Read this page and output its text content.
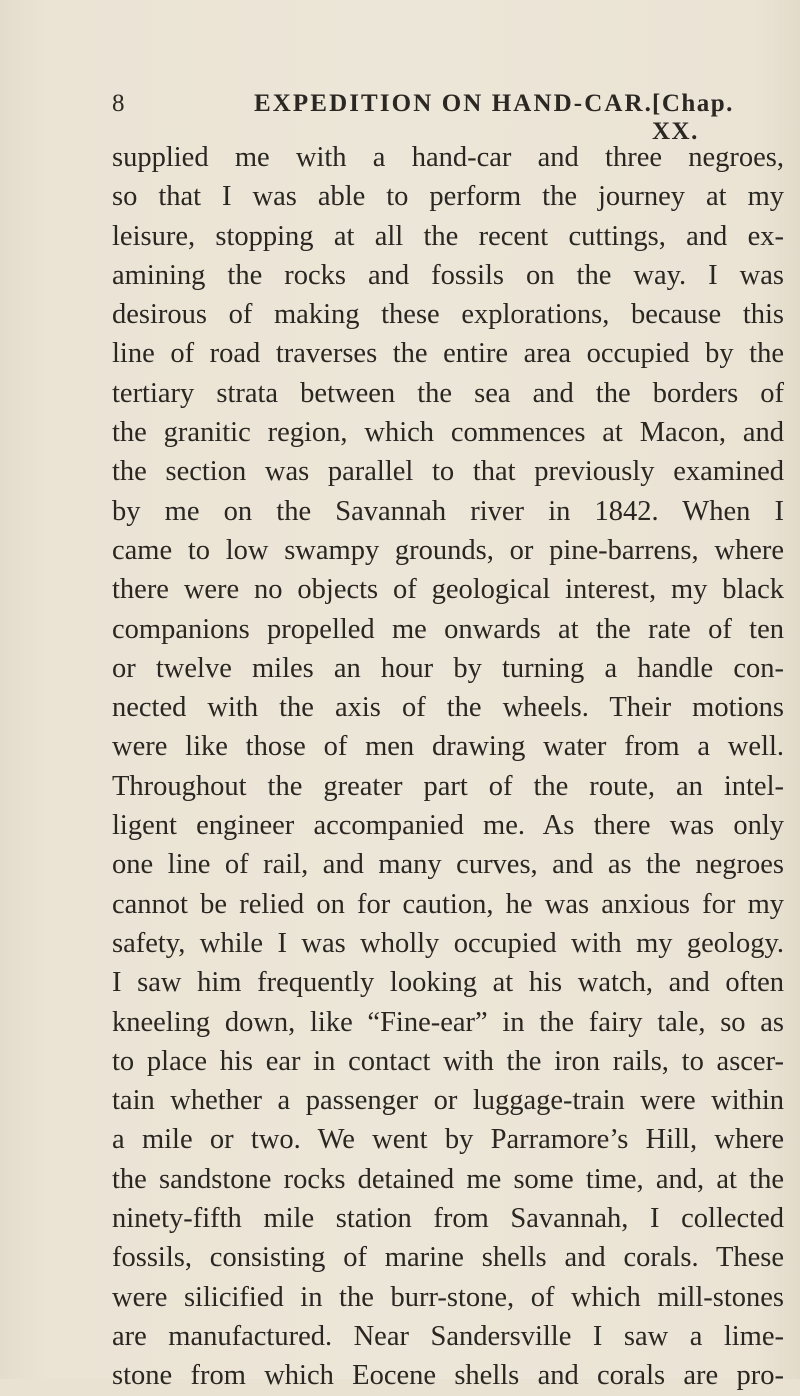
8	EXPEDITION ON HAND-CAR.
[Chap. XX.
supplied me with a hand-car and three negroes,
so that I was able to perform the journey at my
leisure, stopping at all the recent cuttings, and ex-
amining the rocks and fossils on the way. I was
desirous of making these explorations, because this
line of road traverses the entire area occupied by the
tertiary strata between the sea and the borders of
the granitic region, which commences at Macon, and
the section was parallel to that previously examined
by me on the Savannah river in 1842. When I
came to low swampy grounds, or pine-barrens, where
there were no objects of geological interest, my black
companions propelled me onwards at the rate of ten
or twelve miles an hour by turning a handle con-
nected with the axis of the wheels. Their motions
were like those of men drawing water from a well.
Throughout the greater part of the route, an intel-
ligent engineer accompanied me. As there was only
one line of rail, and many curves, and as the negroes
cannot be relied on for caution, he was anxious for my
safety, while I was wholly occupied with my geology.
I saw him frequently looking at his watch, and often
kneeling down, like “Fine-ear” in the fairy tale, so as
to place his ear in contact with the iron rails, to ascer-
tain whether a passenger or luggage-train were within
a mile or two. We went by Parramore’s Hill, where
the sandstone rocks detained me some time, and, at the
ninety-fifth mile station from Savannah, I collected
fossils, consisting of marine shells and corals. These
were silicified in the burr-stone, of which mill-stones
are manufactured. Near Sandersville I saw a lime-
stone from which Eocene shells and corals are pro-
